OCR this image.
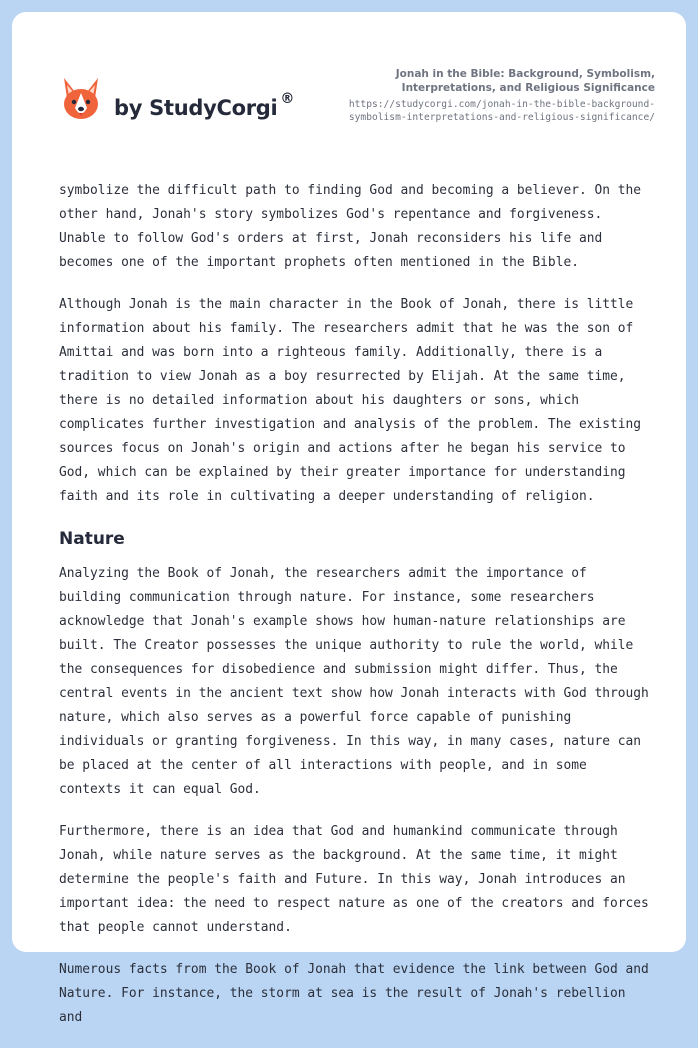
by StudyCorgi ®
Jonah in the Bible: Background, Symbolism,
Interpretations, and Religious Significance
https://studycorgi.com/jonah-in-the-bible-background-
symbolism-interpretations-and-religious-significance/

symbolize the difficult path to finding God and becoming a believer. On the other hand, Jonah's story symbolizes God's repentance and forgiveness. Unable to follow God's orders at first, Jonah reconsiders his life and becomes one of the important prophets often mentioned in the Bible.

Although Jonah is the main character in the Book of Jonah, there is little information about his family. The researchers admit that he was the son of Amittai and was born into a righteous family. Additionally, there is a tradition to view Jonah as a boy resurrected by Elijah. At the same time, there is no detailed information about his daughters or sons, which complicates further investigation and analysis of the problem. The existing sources focus on Jonah's origin and actions after he began his service to God, which can be explained by their greater importance for understanding faith and its role in cultivating a deeper understanding of religion.

Nature

Analyzing the Book of Jonah, the researchers admit the importance of building communication through nature. For instance, some researchers acknowledge that Jonah's example shows how human-nature relationships are built. The Creator possesses the unique authority to rule the world, while the consequences for disobedience and submission might differ. Thus, the central events in the ancient text show how Jonah interacts with God through nature, which also serves as a powerful force capable of punishing individuals or granting forgiveness. In this way, in many cases, nature can be placed at the center of all interactions with people, and in some contexts it can equal God.

Furthermore, there is an idea that God and humankind communicate through Jonah, while nature serves as the background. At the same time, it might determine the people's faith and Future. In this way, Jonah introduces an important idea: the need to respect nature as one of the creators and forces that people cannot understand.

Numerous facts from the Book of Jonah that evidence the link between God and Nature. For instance, the storm at sea is the result of Jonah's rebellion and
